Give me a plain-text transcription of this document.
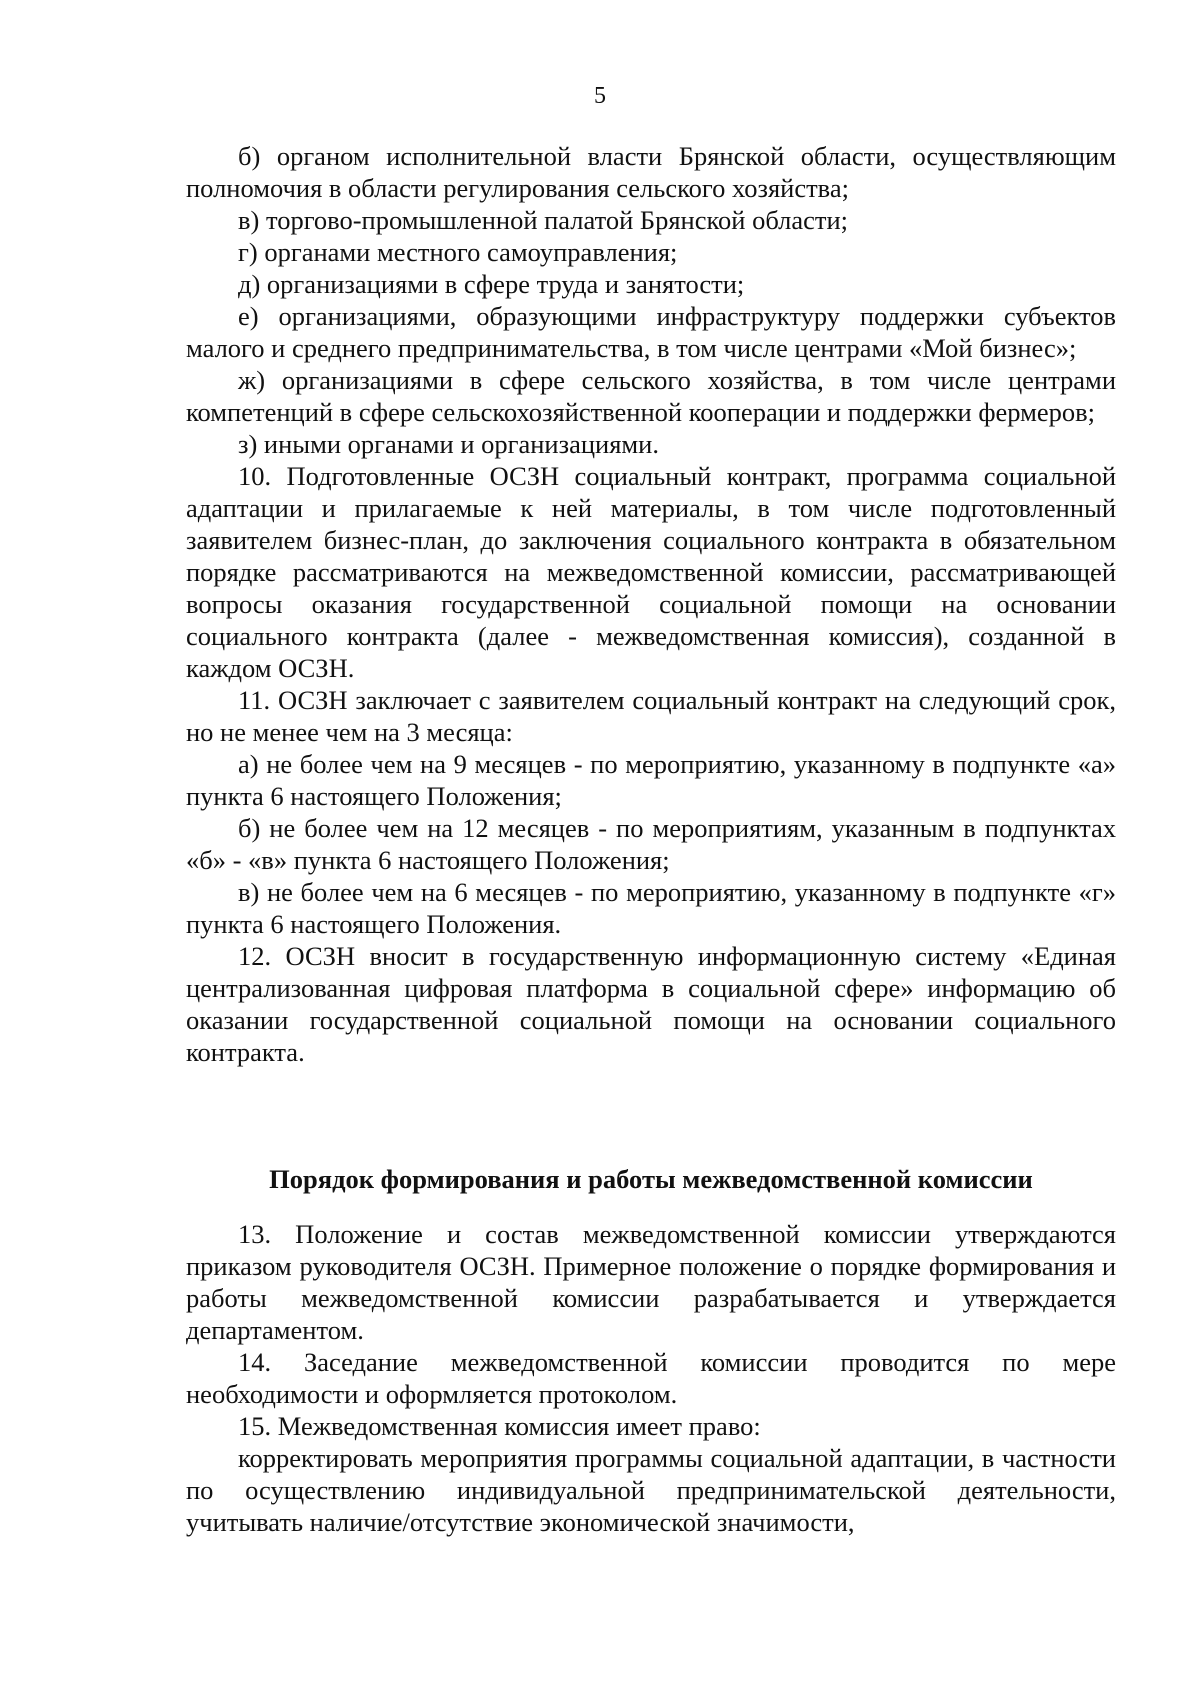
5

б) органом исполнительной власти Брянской области, осуществляющим полномочия в области регулирования сельского хозяйства;

в) торгово-промышленной палатой Брянской области;

г) органами местного самоуправления;

д) организациями в сфере труда и занятости;

е) организациями, образующими инфраструктуру поддержки субъектов малого и среднего предпринимательства, в том числе центрами «Мой бизнес»;

ж) организациями в сфере сельского хозяйства, в том числе центрами компетенций в сфере сельскохозяйственной кооперации и поддержки фермеров;

з) иными органами и организациями.

10. Подготовленные ОСЗН социальный контракт, программа социальной адаптации и прилагаемые к ней материалы, в том числе подготовленный заявителем бизнес-план, до заключения социального контракта в обязательном порядке рассматриваются на межведомственной комиссии, рассматривающей вопросы оказания государственной социальной помощи на основании социального контракта (далее - межведомственная комиссия), созданной в каждом ОСЗН.

11. ОСЗН заключает с заявителем социальный контракт на следующий срок, но не менее чем на 3 месяца:

а) не более чем на 9 месяцев - по мероприятию, указанному в подпункте «а» пункта 6 настоящего Положения;

б) не более чем на 12 месяцев - по мероприятиям, указанным в подпунктах «б» - «в» пункта 6 настоящего Положения;

в) не более чем на 6 месяцев - по мероприятию, указанному в подпункте «г» пункта 6 настоящего Положения.

12. ОСЗН вносит в государственную информационную систему «Единая централизованная цифровая платформа в социальной сфере» информацию об оказании государственной социальной помощи на основании социального контракта.

Порядок формирования и работы межведомственной комиссии

13. Положение и состав межведомственной комиссии утверждаются приказом руководителя ОСЗН. Примерное положение о порядке формирования и работы межведомственной комиссии разрабатывается и утверждается департаментом.

14. Заседание межведомственной комиссии проводится по мере необходимости и оформляется протоколом.

15. Межведомственная комиссия имеет право:

корректировать мероприятия программы социальной адаптации, в частности по осуществлению индивидуальной предпринимательской деятельности, учитывать наличие/отсутствие экономической значимости,
